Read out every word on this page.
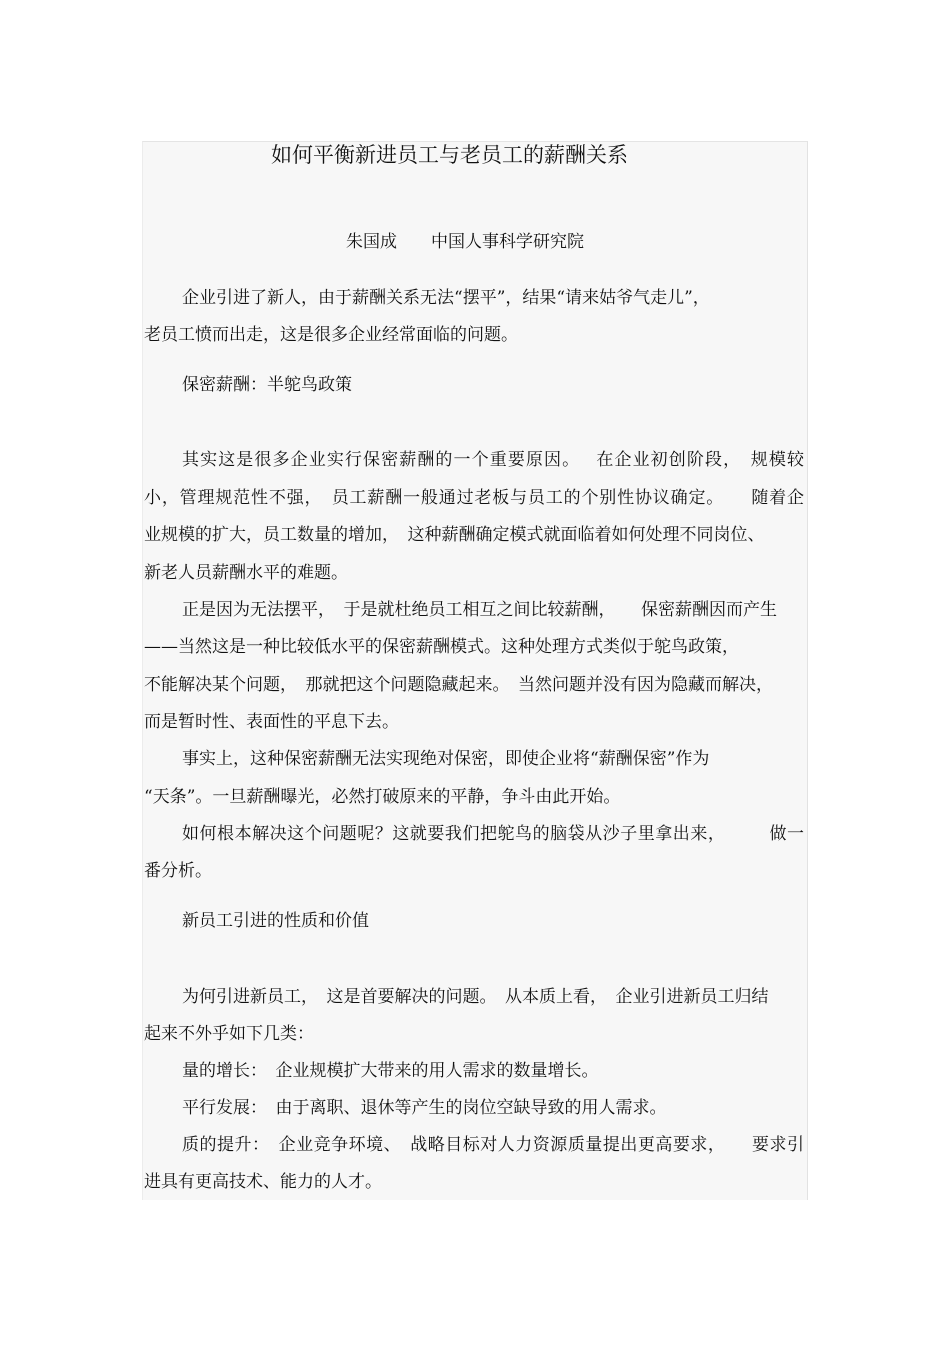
如何平衡新进员工与老员工的薪酬关系
朱国成　　中国人事科学研究院
企业引进了新人，由于薪酬关系无法“摆平”，结果“请来姑爷气走儿”，
老员工愤而出走，这是很多企业经常面临的问题。
保密薪酬：半鸵鸟政策
其实这是很多企业实行保密薪酬的一个重要原因。　 在企业初创阶段，　规模较
小，管理规范性不强，　员工薪酬一般通过老板与员工的个别性协议确定。　　随着企
业规模的扩大，员工数量的增加，　这种薪酬确定模式就面临着如何处理不同岗位、
新老人员薪酬水平的难题。
正是因为无法摆平，　于是就杜绝员工相互之间比较薪酬，　　保密薪酬因而产生
——当然这是一种比较低水平的保密薪酬模式。这种处理方式类似于鸵鸟政策，
不能解决某个问题，　那就把这个问题隐藏起来。　当然问题并没有因为隐藏而解决，
而是暂时性、表面性的平息下去。
事实上，这种保密薪酬无法实现绝对保密，即使企业将“薪酬保密”作为
“天条”。一旦薪酬曝光，必然打破原来的平静，争斗由此开始。
如何根本解决这个问题呢？这就要我们把鸵鸟的脑袋从沙子里拿出来，　　　做一
番分析。
新员工引进的性质和价值
为何引进新员工，　这是首要解决的问题。　从本质上看，　企业引进新员工归结
起来不外乎如下几类：
量的增长：　企业规模扩大带来的用人需求的数量增长。
平行发展：　由于离职、退休等产生的岗位空缺导致的用人需求。
质的提升：　企业竞争环境、　战略目标对人力资源质量提出更高要求，　　要求引
进具有更高技术、能力的人才。
